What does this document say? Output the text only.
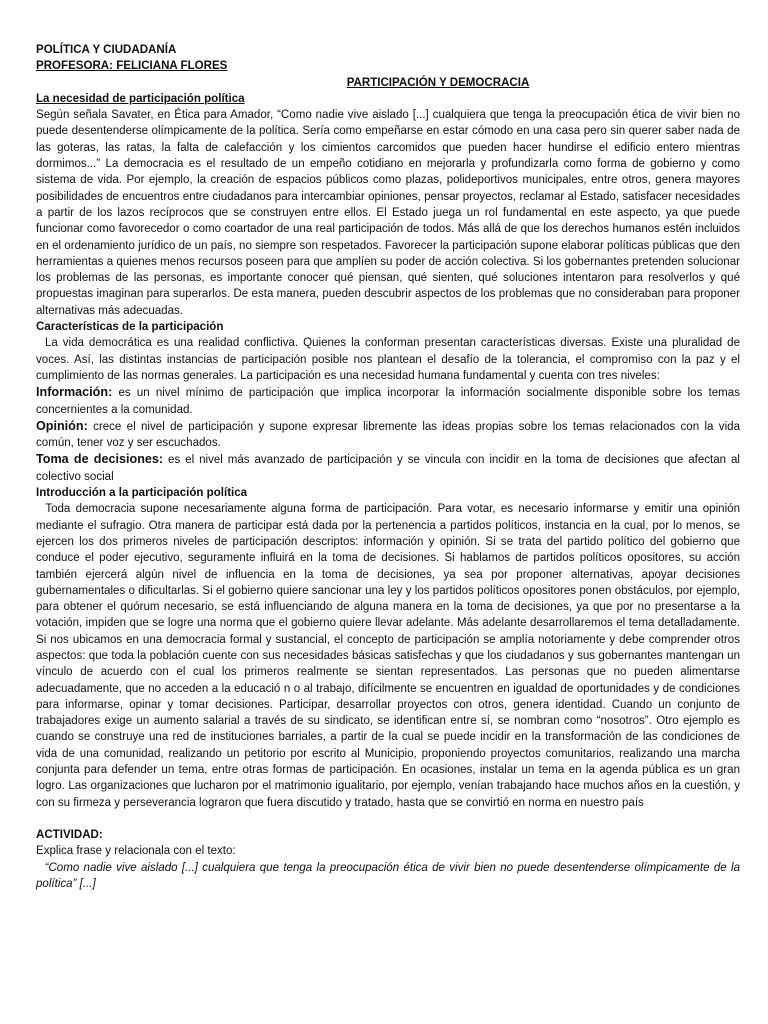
POLÍTICA Y CIUDADANÍA
PROFESORA: FELICIANA FLORES
PARTICIPACIÓN Y DEMOCRACIA
La necesidad de participación política

Según señala Savater, en Ética para Amador, “Como nadie vive aislado [...] cualquiera que tenga la preocupación ética de vivir bien no puede desentenderse olímpicamente de la política. Sería como empeñarse en estar cómodo en una casa pero sin querer saber nada de las goteras, las ratas, la falta de calefacción y los cimientos carcomidos que pueden hacer hundirse el edificio entero mientras dormimos...” La democracia es el resultado de un empeño cotidiano en mejorarla y profundizarla como forma de gobierno y como sistema de vida. Por ejemplo, la creación de espacios públicos como plazas, polideportivos municipales, entre otros, genera mayores posibilidades de encuentros entre ciudadanos para intercambiar opiniones, pensar proyectos, reclamar al Estado, satisfacer necesidades a partir de los lazos recíprocos que se construyen entre ellos. El Estado juega un rol fundamental en este aspecto, ya que puede funcionar como favorecedor o como coartador de una real participación de todos. Más allá de que los derechos humanos estén incluidos en el ordenamiento jurídico de un país, no siempre son respetados. Favorecer la participación supone elaborar políticas públicas que den herramientas a quienes menos recursos poseen para que amplíen su poder de acción colectiva. Si los gobernantes pretenden solucionar los problemas de las personas, es importante conocer qué piensan, qué sienten, qué soluciones intentaron para resolverlos y qué propuestas imaginan para superarlos. De esta manera, pueden descubrir aspectos de los problemas que no consideraban para proponer alternativas más adecuadas.

Características de la participación

La vida democrática es una realidad conflictiva. Quienes la conforman presentan características diversas. Existe una pluralidad de voces. Así, las distintas instancias de participación posible nos plantean el desafío de la tolerancia, el compromiso con la paz y el cumplimiento de las normas generales. La participación es una necesidad humana fundamental y cuenta con tres niveles:

Información: es un nivel mínimo de participación que implica incorporar la información socialmente disponible sobre los temas concernientes a la comunidad.

Opinión: crece el nivel de participación y supone expresar libremente las ideas propias sobre los temas relacionados con la vida común, tener voz y ser escuchados.

Toma de decisiones: es el nivel más avanzado de participación y se vincula con incidir en la toma de decisiones que afectan al colectivo social

Introducción a la participación política

Toda democracia supone necesariamente alguna forma de participación. Para votar, es necesario informarse y emitir una opinión mediante el sufragio. Otra manera de participar está dada por la pertenencia a partidos políticos, instancia en la cual, por lo menos, se ejercen los dos primeros niveles de participación descriptos: información y opinión. Si se trata del partido político del gobierno que conduce el poder ejecutivo, seguramente influirá en la toma de decisiones. Si hablamos de partidos políticos opositores, su acción también ejercerá algún nivel de influencia en la toma de decisiones, ya sea por proponer alternativas, apoyar decisiones gubernamentales o dificultarlas. Si el gobierno quiere sancionar una ley y los partidos políticos opositores ponen obstáculos, por ejemplo, para obtener el quórum necesario, se está influenciando de alguna manera en la toma de decisiones, ya que por no presentarse a la votación, impiden que se logre una norma que el gobierno quiere llevar adelante. Más adelante desarrollaremos el tema detalladamente. Si nos ubicamos en una democracia formal y sustancial, el concepto de participación se amplía notoriamente y debe comprender otros aspectos: que toda la población cuente con sus necesidades básicas satisfechas y que los ciudadanos y sus gobernantes mantengan un vínculo de acuerdo con el cual los primeros realmente se sientan representados. Las personas que no pueden alimentarse adecuadamente, que no acceden a la educació n o al trabajo, difícilmente se encuentren en igualdad de oportunidades y de condiciones para informarse, opinar y tomar decisiones. Participar, desarrollar proyectos con otros, genera identidad. Cuando un conjunto de trabajadores exige un aumento salarial a través de su sindicato, se identifican entre sí, se nombran como “nosotros”. Otro ejemplo es cuando se construye una red de instituciones barriales, a partir de la cual se puede incidir en la transformación de las condiciones de vida de una comunidad, realizando un petitorio por escrito al Municipio, proponiendo proyectos comunitarios, realizando una marcha conjunta para defender un tema, entre otras formas de participación. En ocasiones, instalar un tema en la agenda pública es un gran logro. Las organizaciones que lucharon por el matrimonio igualitario, por ejemplo, venían trabajando hace muchos años en la cuestión, y con su firmeza y perseverancia lograron que fuera discutido y tratado, hasta que se convirtió en norma en nuestro país

ACTIVIDAD:
Explica frase y relacionala con el texto:

“Como nadie vive aislado [...] cualquiera que tenga la preocupación ética de vivir bien no puede desentenderse olímpicamente de la política” [...]
